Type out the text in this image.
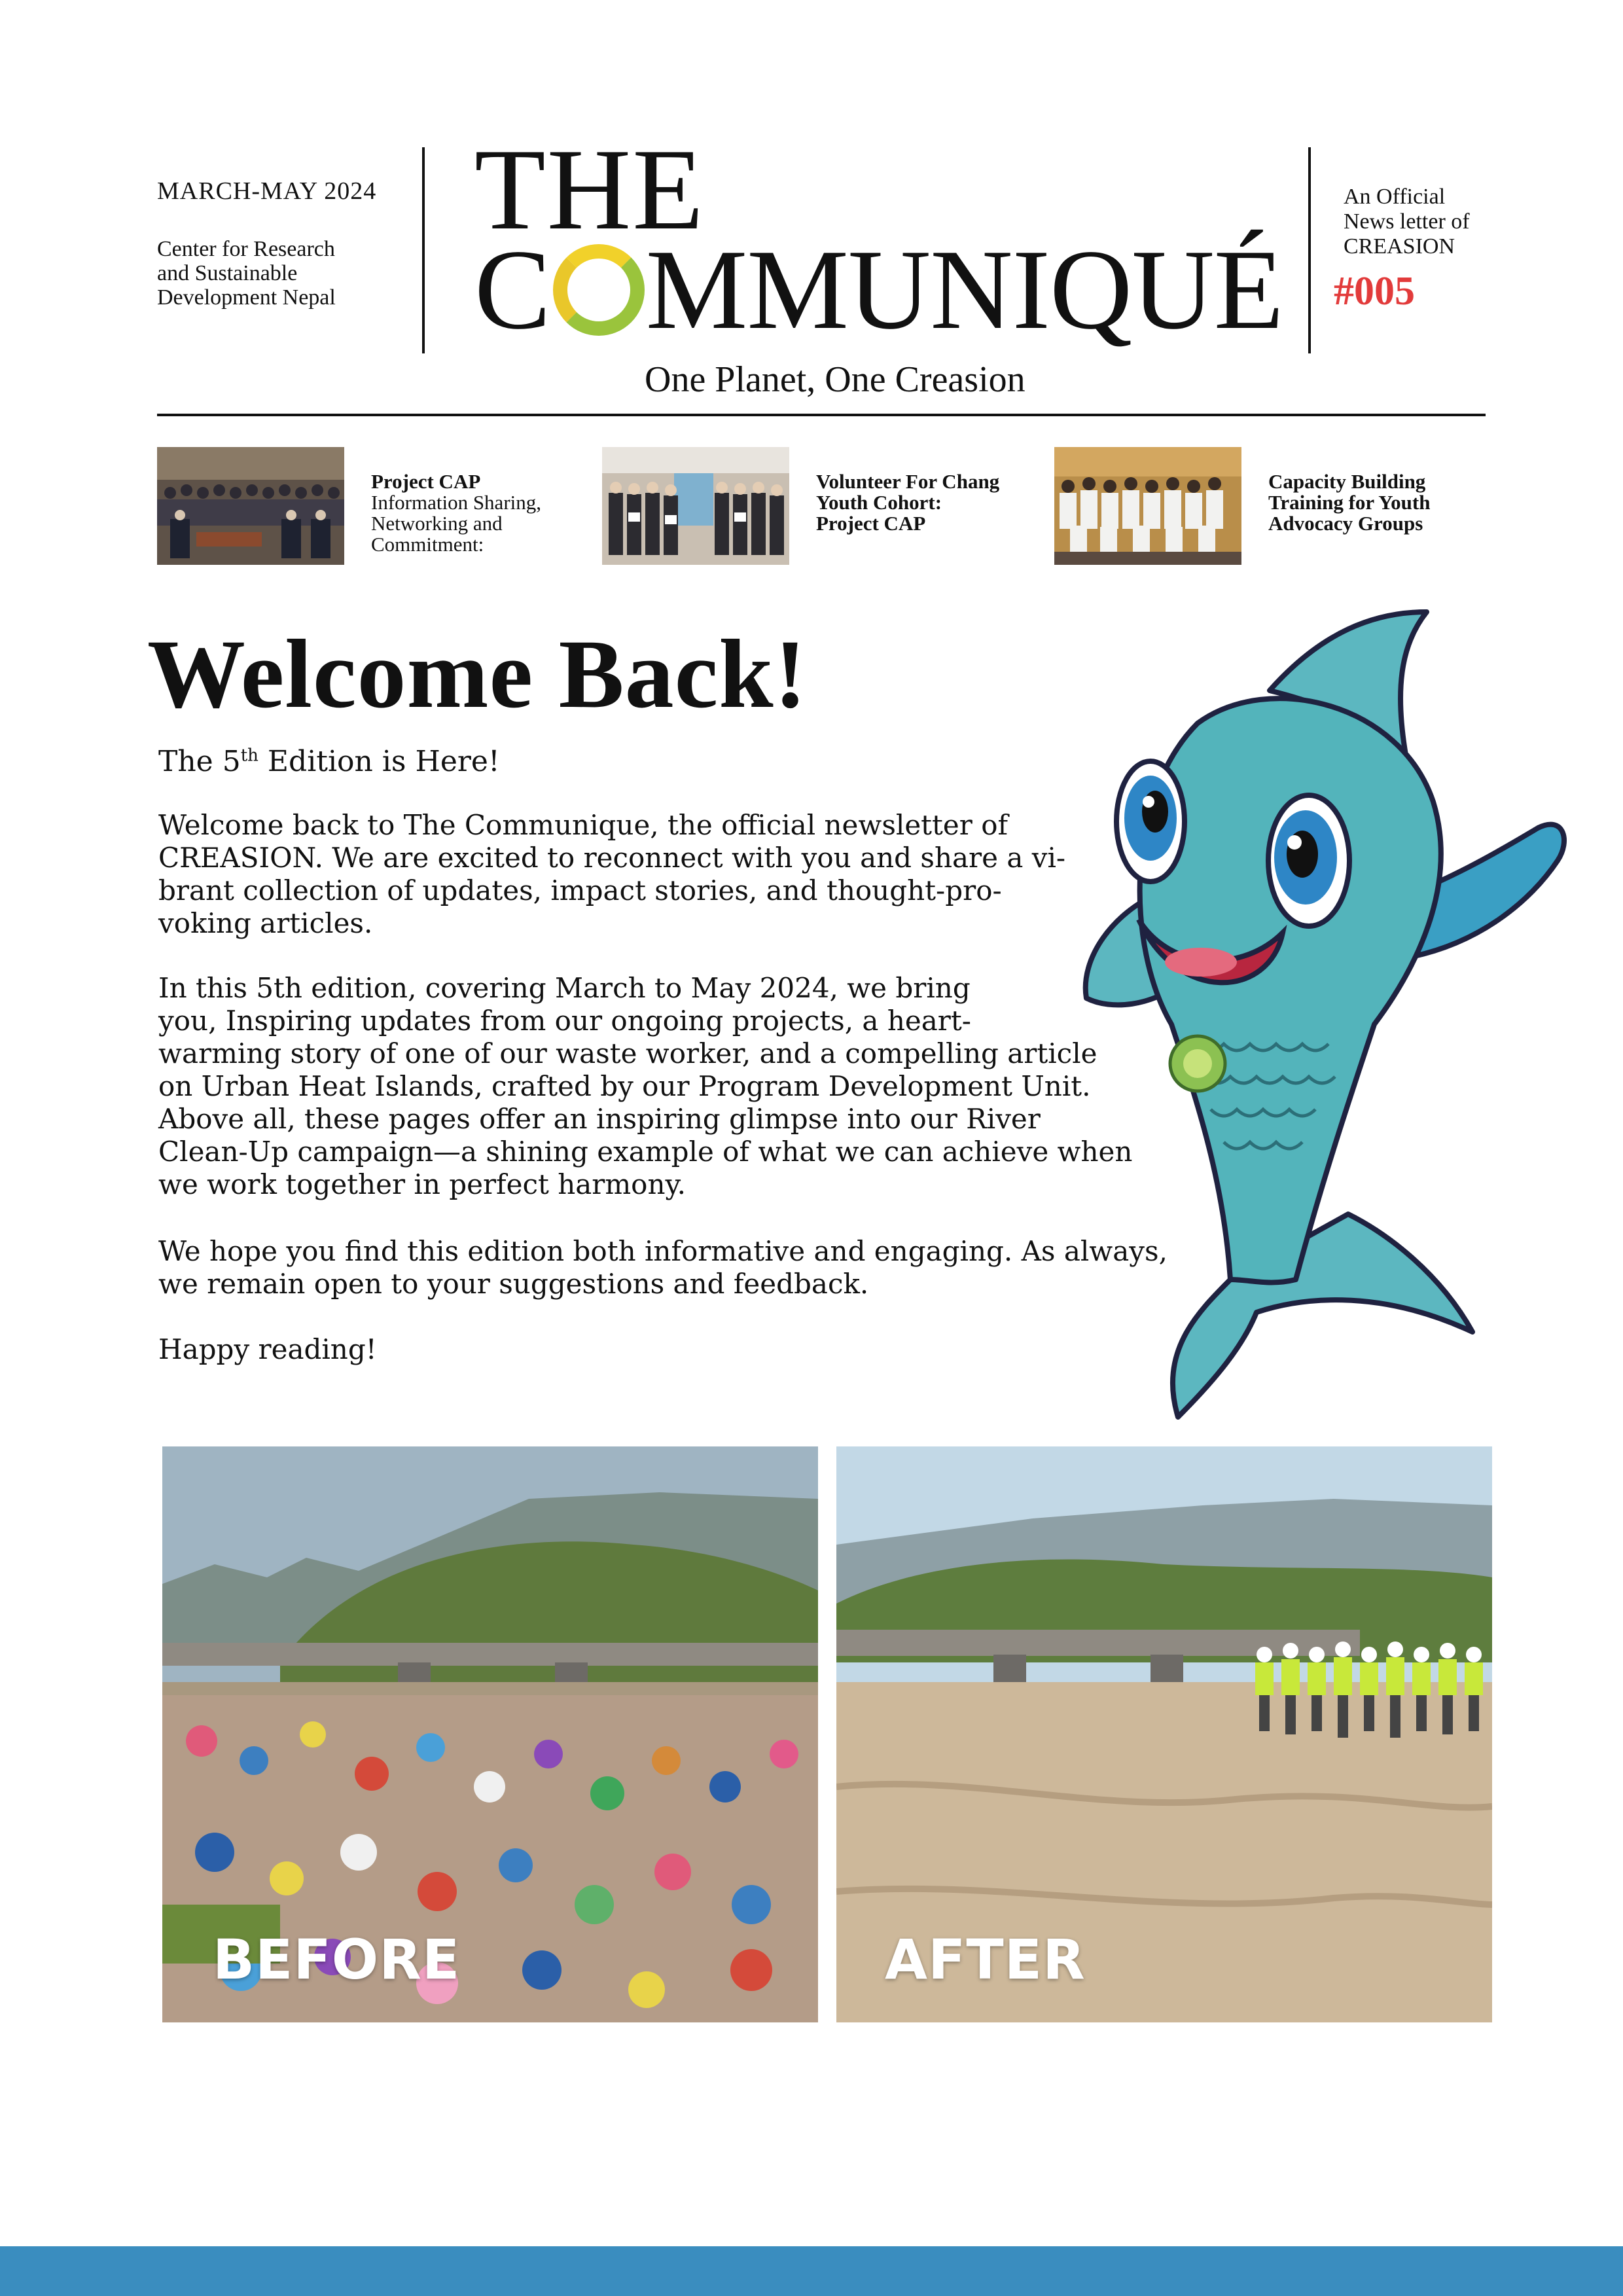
MARCH-MAY 2024
Center for Research
and Sustainable
Development Nepal
THE
C MMUNIQUÉ
One Planet, One Creasion
An Official
News letter of
CREASION
#005
Project CAP
Information Sharing,
Networking and
Commitment:
Volunteer For Chang
Youth Cohort:
Project CAP
Capacity Building
Training for Youth
Advocacy Groups
Welcome Back!
The 5th Edition is Here!
Welcome back to The Communique, the official newsletter of
CREASION. We are excited to reconnect with you and share a vi-
brant collection of updates, impact stories, and thought-pro-
voking articles.
In this 5th edition, covering March to May 2024, we bring
you, Inspiring updates from our ongoing projects, a heart-
warming story of one of our waste worker, and a compelling article
on Urban Heat Islands, crafted by our Program Development Unit.
Above all, these pages offer an inspiring glimpse into our River
Clean-Up campaign—a shining example of what we can achieve when
we work together in perfect harmony.
We hope you find this edition both informative and engaging. As always,
we remain open to your suggestions and feedback.
Happy reading!
BEFORE	AFTER
